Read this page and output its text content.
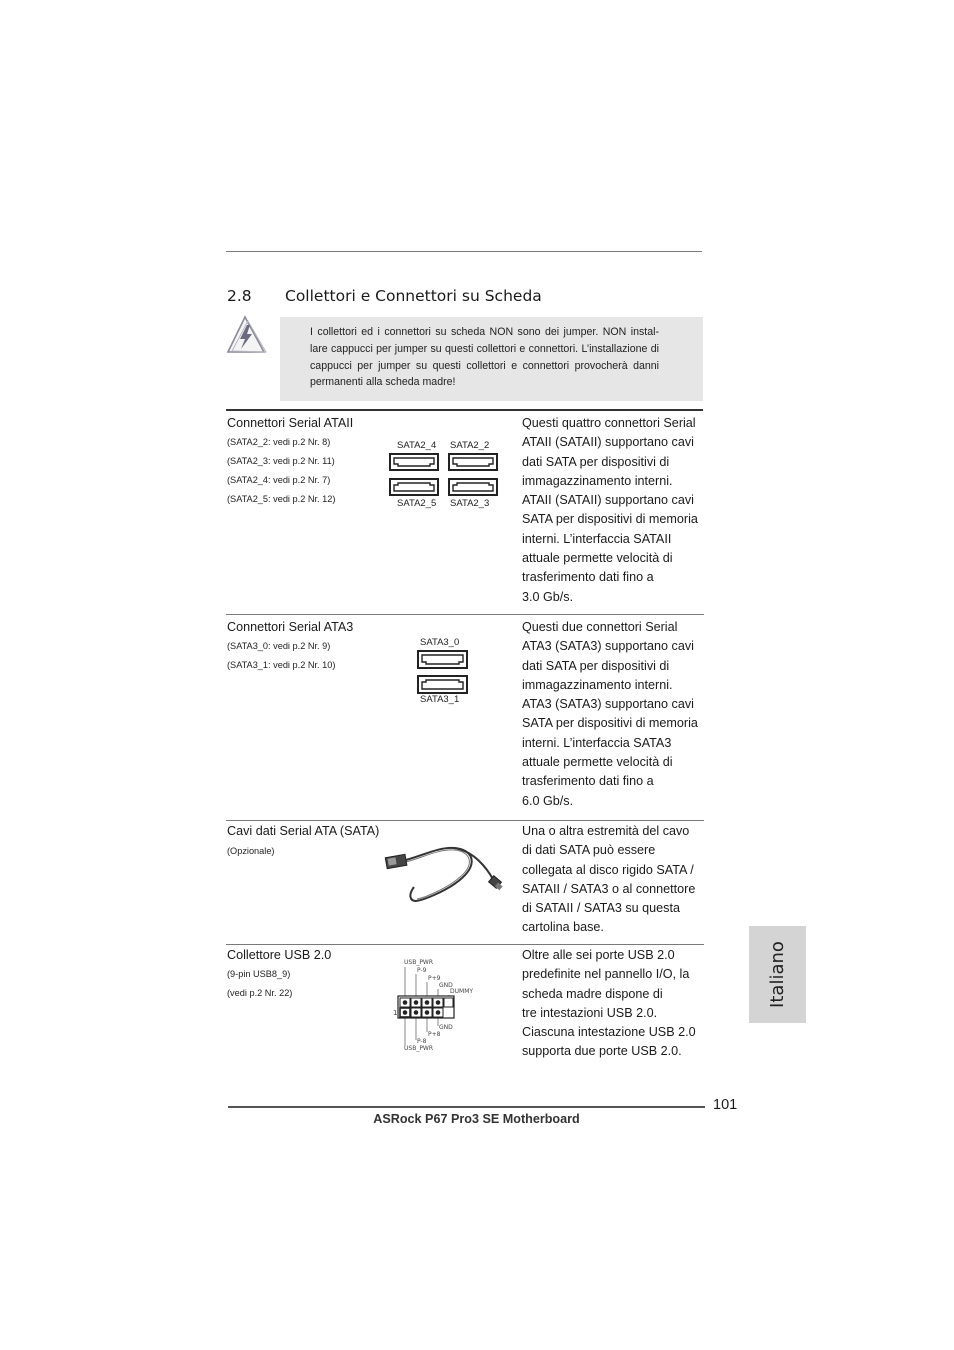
2.8 Collettori e Connettori su Scheda
I collettori ed i connettori su scheda NON sono dei jumper. NON instal- lare cappucci per jumper su questi collettori e connettori. L’installazione di cappucci per jumper su questi collettori e connettori provocherà danni permanenti alla scheda madre!
Connettori Serial ATAII
(SATA2_2: vedi p.2 Nr. 8)
(SATA2_3: vedi p.2 Nr. 11)
(SATA2_4: vedi p.2 Nr. 7)
(SATA2_5: vedi p.2 Nr. 12)
SATA2_4 SATA2_2
SATA2_5 SATA2_3
Questi quattro connettori Serial
ATAII (SATAII) supportano cavi
dati SATA per dispositivi di
immagazzinamento interni.
ATAII (SATAII) supportano cavi
SATA per dispositivi di memoria
interni. L’interfaccia SATAII
attuale permette velocità di
trasferimento dati fino a
3.0 Gb/s.
Connettori Serial ATA3
(SATA3_0: vedi p.2 Nr. 9)
(SATA3_1: vedi p.2 Nr. 10)
SATA3_0
SATA3_1
Questi due connettori Serial
ATA3 (SATA3) supportano cavi
dati SATA per dispositivi di
immagazzinamento interni.
ATA3 (SATA3) supportano cavi
SATA per dispositivi di memoria
interni. L’interfaccia SATA3
attuale permette velocità di
trasferimento dati fino a
6.0 Gb/s.
Cavi dati Serial ATA (SATA)
(Opzionale)
Una o altra estremità del cavo
di dati SATA può essere
collegata al disco rigido SATA /
SATAII / SATA3 o al connettore
di SATAII / SATA3 su questa
cartolina base.
Collettore USB 2.0
(9-pin USB8_9)
(vedi p.2 Nr. 22)
USB_PWR
P-9
P+9
GND
DUMMY
GND
P+8
P-8
USB_PWR
1
Oltre alle sei porte USB 2.0
predefinite nel pannello I/O, la
scheda madre dispone di
tre intestazioni USB 2.0.
Ciascuna intestazione USB 2.0
supporta due porte USB 2.0.
Italiano
101
ASRock P67 Pro3 SE Motherboard
